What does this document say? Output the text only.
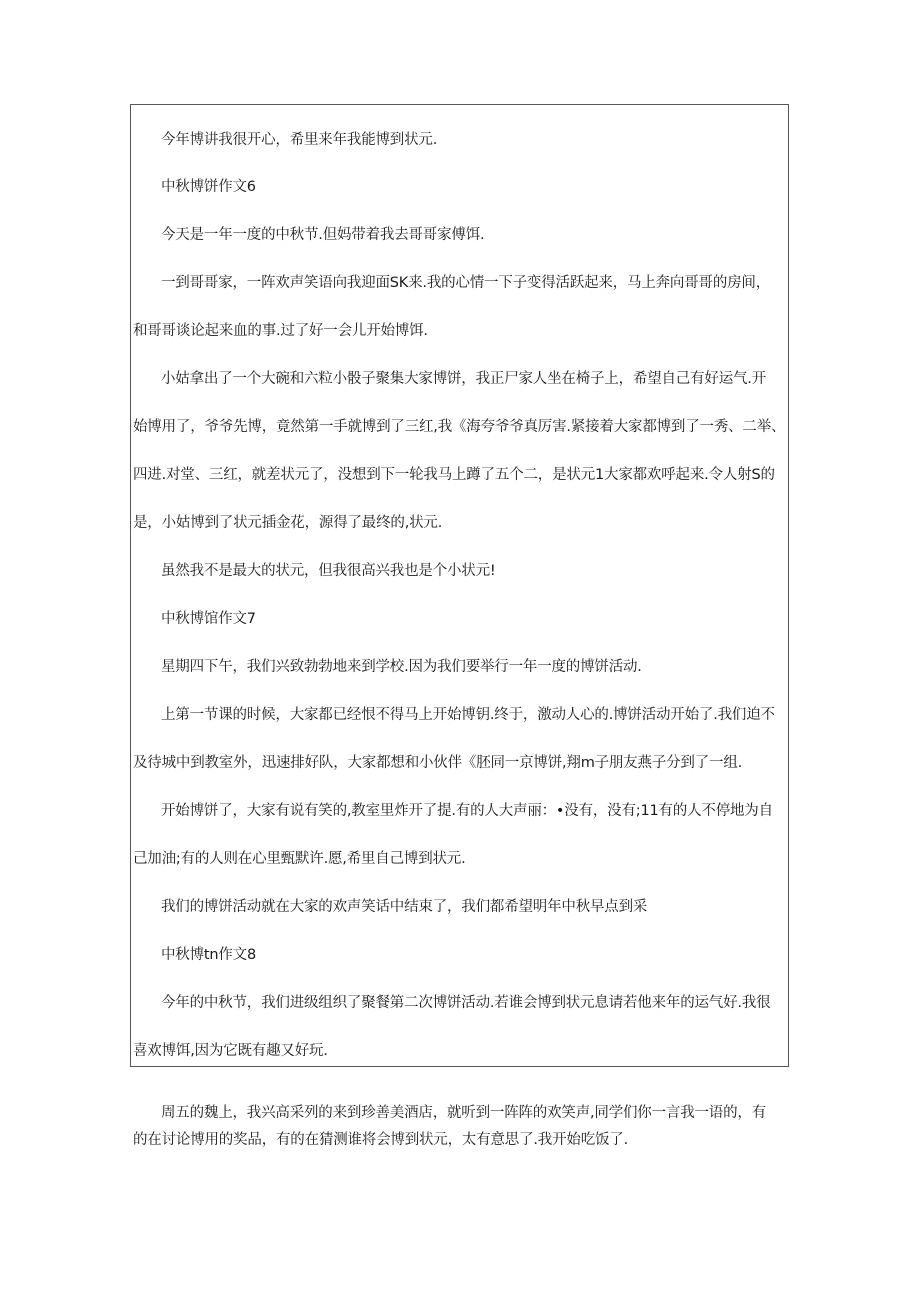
今年博讲我很开心，希里来年我能博到状元.
中秋博饼作文6
今天是一年一度的中秋节.但妈带着我去哥哥家傅饵.
一到哥哥家，一阵欢声笑语向我迎面SK来.我的心情一下子变得活跃起来，马上奔向哥哥的房间，
和哥哥谈论起来血的事.过了好一会儿开始博饵.
小姑拿出了一个大碗和六粒小骰子聚集大家博饼，我正尸家人坐在椅子上，希望自己有好运气.开
始博用了，爷爷先博，竟然第一手就博到了三红,我《海夸爷爷真厉害.紧接着大家都博到了一秀、二举、
四进.对堂、三红，就差状元了，没想到下一轮我马上蹲了五个二，是状元1大家都欢呼起来.令人射S的
是，小姑博到了状元插金花，源得了最终的,状元.
虽然我不是最大的状元，但我很高兴我也是个小状元!
中秋博馆作文7
星期四下午，我们兴致勃勃地来到学校.因为我们要举行一年一度的博饼活动.
上第一节课的时候，大家都已经恨不得马上开始博钥.终于，激动人心的.博饼活动开始了.我们迫不
及待城中到教室外，迅速排好队，大家都想和小伙伴《胚同一京博饼,翔m子朋友燕子分到了一组.
开始博饼了，大家有说有笑的,教室里炸开了提.有的人大声丽：•没有，没有;11有的人不停地为自
己加油;有的人则在心里甄默许.愿,希里自己博到状元.
我们的博饼活动就在大家的欢声笑话中结束了，我们都希望明年中秋早点到采
中秋博tn作文8
今年的中秋节，我们进级组织了聚餐第二次博饼活动.若谁会博到状元息请若他来年的运气好.我很
喜欢博饵,因为它既有趣又好玩.
周五的魏上，我兴高采列的来到珍善美酒店，就听到一阵阵的欢笑声,同学们你一言我一语的，有
的在讨论博用的奖品，有的在猜测谁将会博到状元，太有意思了.我开始吃饭了.
